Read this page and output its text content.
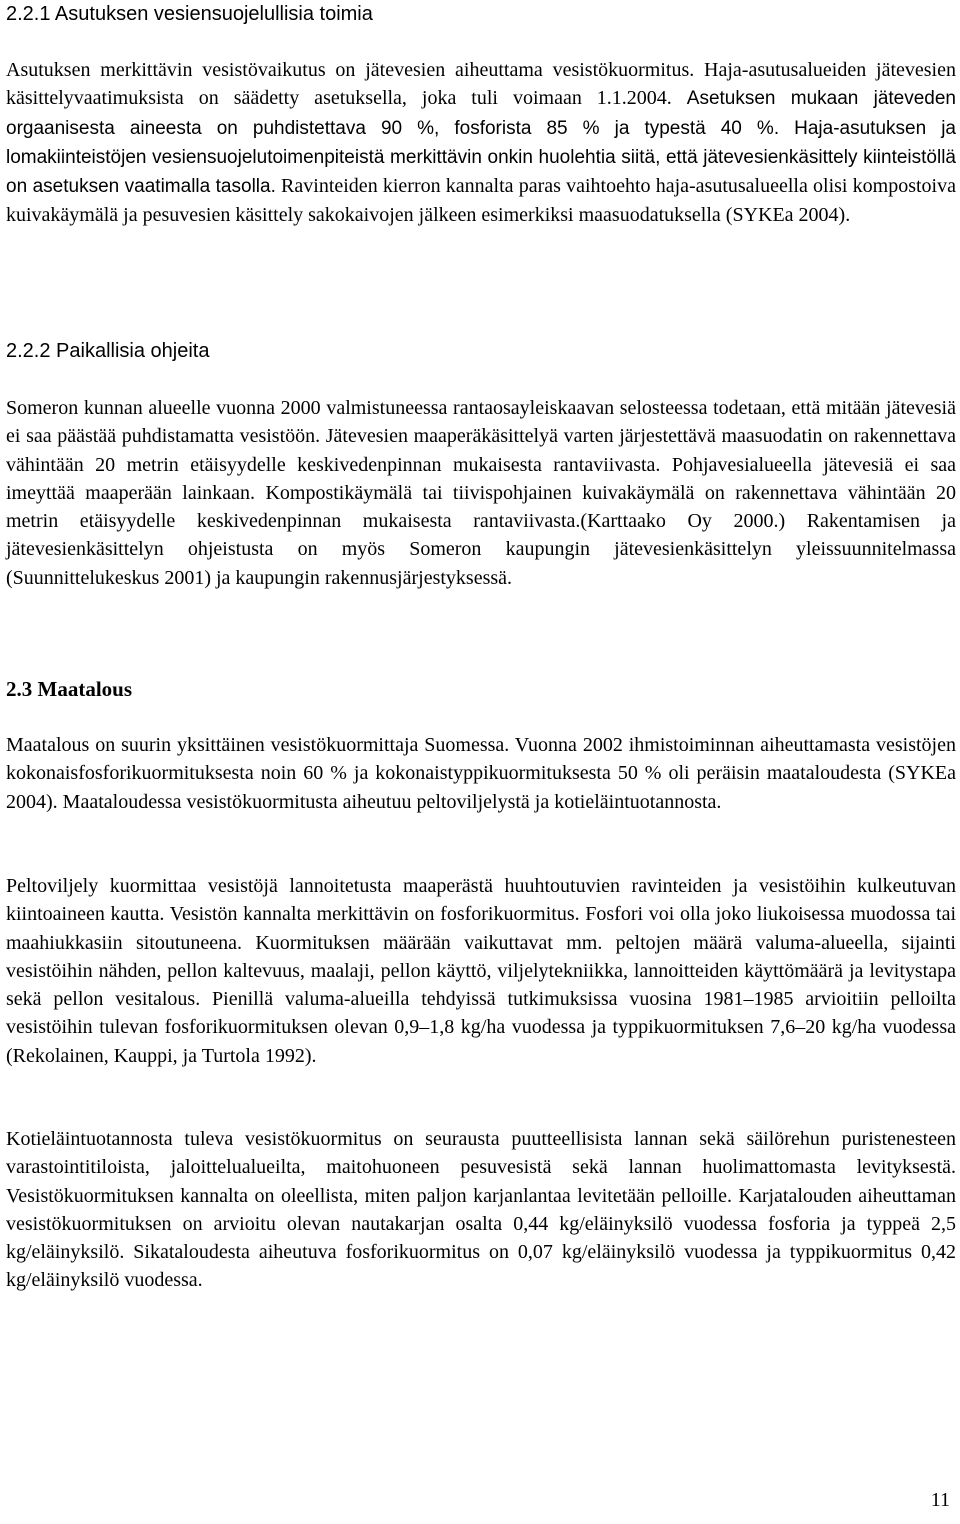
2.2.1 Asutuksen vesiensuojelullisia toimia
Asutuksen merkittävin vesistövaikutus on jätevesien aiheuttama vesistökuormitus. Haja-asutusalueiden jätevesien käsittelyvaatimuksista on säädetty asetuksella, joka tuli voimaan 1.1.2004. Asetuksen mukaan jäteveden orgaanisesta aineesta on puhdistettava 90 %, fosforista 85 % ja typestä 40 %. Haja-asutuksen ja lomakiinteistöjen vesiensuojelutoimenpiteistä merkittävin onkin huolehtia siitä, että jätevesienkäsittely kiinteistöllä on asetuksen vaatimalla tasolla. Ravinteiden kierron kannalta paras vaihtoehto haja-asutusalueella olisi kompostoiva kuivakäymälä ja pesuvesien käsittely sakokaivojen jälkeen esimerkiksi maasuodatuksella (SYKEa 2004).
2.2.2 Paikallisia ohjeita

Someron kunnan alueelle vuonna 2000 valmistuneessa rantaosayleiskaavan selosteessa todetaan, että mitään jätevesiä ei saa päästää puhdistamatta vesistöön. Jätevesien maaperäkäsittelyä varten järjestettävä maasuodatin on rakennettava vähintään 20 metrin etäisyydelle keskivedenpinnan mukaisesta rantaviivasta. Pohjavesialueella jätevesiä ei saa imeyttää maaperään lainkaan. Kompostikäymälä tai tiivispohjainen kuivakäymälä on rakennettava vähintään 20 metrin etäisyydelle keskivedenpinnan mukaisesta rantaviivasta.(Karttaako Oy 2000.) Rakentamisen ja jätevesienkäsittelyn ohjeistusta on myös Someron kaupungin jätevesienkäsittelyn yleissuunnitelmassa (Suunnittelukeskus 2001) ja kaupungin rakennusjärjestyksessä.

2.3 Maatalous

Maatalous on suurin yksittäinen vesistökuormittaja Suomessa. Vuonna 2002 ihmistoiminnan aiheuttamasta vesistöjen kokonaisfosforikuormituksesta noin 60 % ja kokonaistyppikuormituksesta 50 % oli peräisin maataloudesta (SYKEa 2004). Maataloudessa vesistökuormitusta aiheutuu peltoviljelystä ja kotieläintuotannosta.

Peltoviljely kuormittaa vesistöjä lannoitetusta maaperästä huuhtoutuvien ravinteiden ja vesistöihin kulkeutuvan kiintoaineen kautta. Vesistön kannalta merkittävin on fosforikuormitus. Fosfori voi olla joko liukoisessa muodossa tai maahiukkasiin sitoutuneena. Kuormituksen määrään vaikuttavat mm. peltojen määrä valuma-alueella, sijainti vesistöihin nähden, pellon kaltevuus, maalaji, pellon käyttö, viljelytekniikka, lannoitteiden käyttömäärä ja levitystapa sekä pellon vesitalous. Pienillä valuma-alueilla tehdyissä tutkimuksissa vuosina 1981–1985 arvioitiin pelloilta vesistöihin tulevan fosforikuormituksen olevan 0,9–1,8 kg/ha vuodessa ja typpikuormituksen 7,6–20 kg/ha vuodessa (Rekolainen, Kauppi, ja Turtola 1992).

Kotieläintuotannosta tuleva vesistökuormitus on seurausta puutteellisista lannan sekä säilörehun puristenesteen varastointitiloista, jaloittelualueilta, maitohuoneen pesuvesistä sekä lannan huolimattomasta levityksestä. Vesistökuormituksen kannalta on oleellista, miten paljon karjanlantaa levitetään pelloille. Karjatalouden aiheuttaman vesistökuormituksen on arvioitu olevan nautakarjan osalta 0,44 kg/eläinyksilö vuodessa fosforia ja typpeä 2,5 kg/eläinyksilö. Sikataloudesta aiheutuva fosforikuormitus on 0,07 kg/eläinyksilö vuodessa ja typpikuormitus 0,42 kg/eläinyksilö vuodessa.

11
